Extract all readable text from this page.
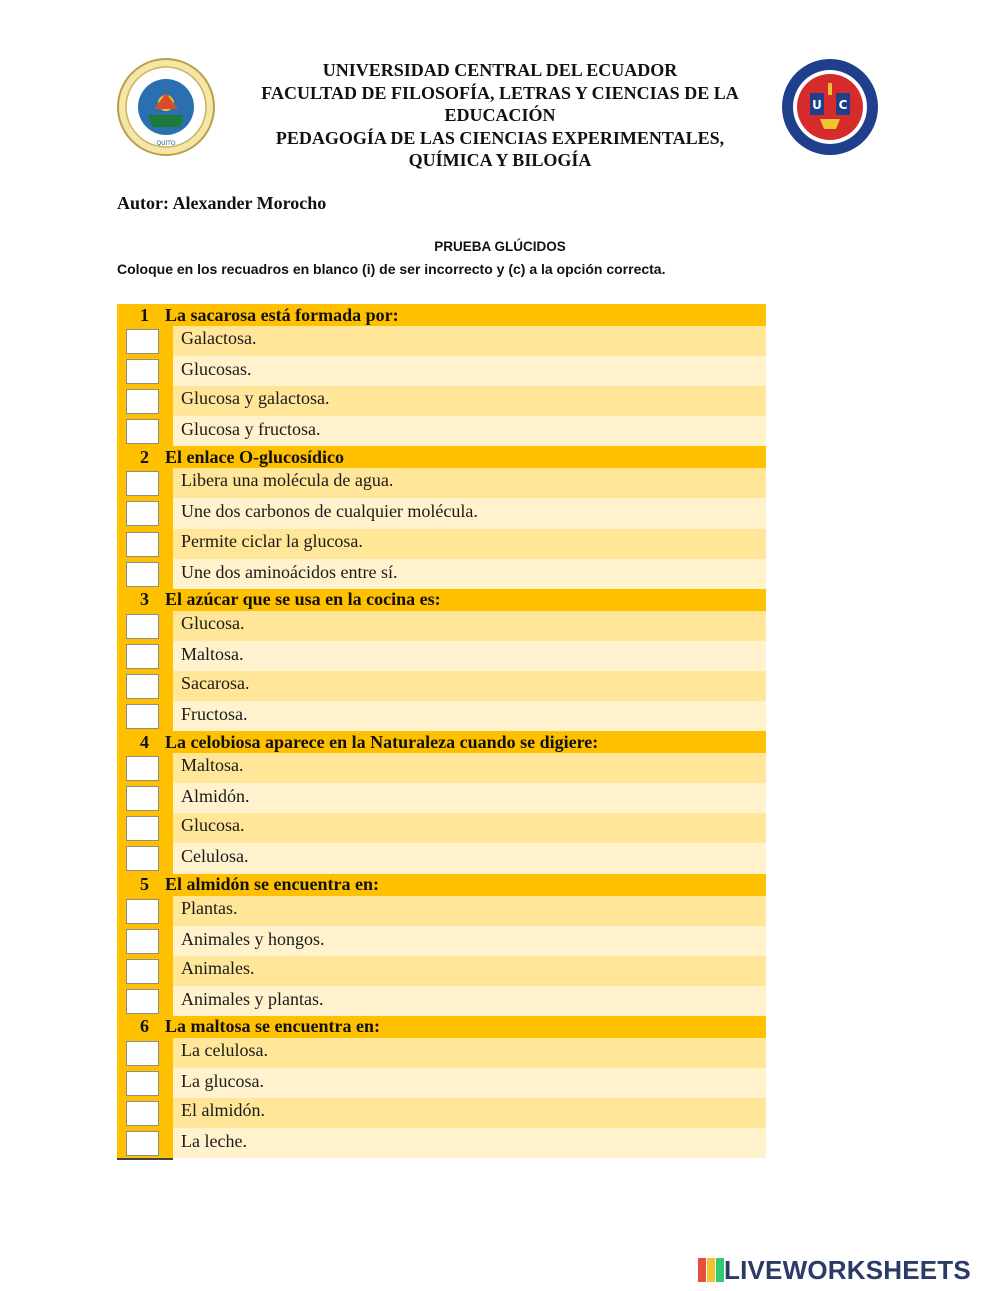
QUITO
UNIVERSIDAD CENTRAL DEL ECUADOR
FACULTAD DE FILOSOFÍA, LETRAS Y CIENCIAS DE LA
EDUCACIÓN
PEDAGOGÍA DE LAS CIENCIAS EXPERIMENTALES,
QUÍMICA Y BILOGÍA
U C
Autor: Alexander Morocho
PRUEBA GLÚCIDOS
Coloque en los recuadros en blanco (i) de ser incorrecto y (c) a la opción correcta.
1 La sacarosa está formada por:
Galactosa.
Glucosas.
Glucosa y galactosa.
Glucosa y fructosa.
2 El enlace O-glucosídico
Libera una molécula de agua.
Une dos carbonos de cualquier molécula.
Permite ciclar la glucosa.
Une dos aminoácidos entre sí.
3 El azúcar que se usa en la cocina es:
Glucosa.
Maltosa.
Sacarosa.
Fructosa.
4 La celobiosa aparece en la Naturaleza cuando se digiere:
Maltosa.
Almidón.
Glucosa.
Celulosa.
5 El almidón se encuentra en:
Plantas.
Animales y hongos.
Animales.
Animales y plantas.
6 La maltosa se encuentra en:
La celulosa.
La glucosa.
El almidón.
La leche.
LIVEWORKSHEETS
